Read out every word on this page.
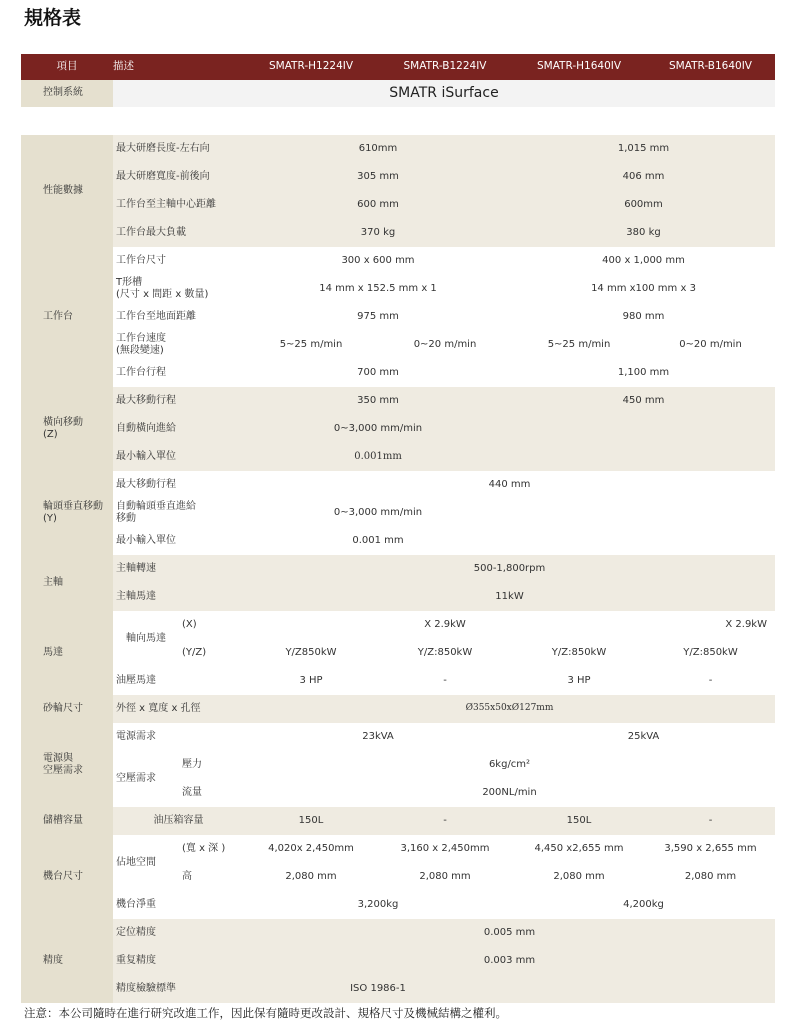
規格表
項目	描述		SMATR-H1224IV	SMATR-B1224IV	SMATR-H1640IV	SMATR-B1640IV
控制系統	SMATR iSurface					

性能數據	最大研磨長度-左右向		610mm		1,015 mm	
	最大研磨寬度-前後向		305 mm		406 mm	
	工作台至主軸中心距離		600 mm		600mm	
	工作台最大負載		370 kg		380 kg	
工作台	工作台尺寸		300 x 600 mm		400 x 1,000 mm	
	T形槽
(尺寸 x 間距 x 數量)		14 mm x 152.5 mm x 1		14 mm x100 mm x 3	
	工作台至地面距離		975 mm		980 mm	
	工作台速度
(無段變速)		5~25 m/min	0~20 m/min	5~25 m/min	0~20 m/min
	工作台行程		700 mm		1,100 mm	
橫向移動
(Z)	最大移動行程		350 mm		450 mm	
	自動橫向進給		0~3,000 mm/min			
	最小輸入單位		0.001mm			
輪頭垂直移動
(Y)	最大移動行程		440 mm			
	自動輪頭垂直進給
移動		0~3,000 mm/min			
	最小輸入單位		0.001 mm			
主軸	主軸轉速		500-1,800rpm			
	主軸馬達		11kW			
馬達	軸向馬達	(X)		X 2.9kW		X 2.9kW
		(Y/Z)	Y/Z850kW	Y/Z:850kW	Y/Z:850kW	Y/Z:850kW
	油壓馬達		3 HP	-	3 HP	-
砂輪尺寸	外徑 x 寬度 x 孔徑		Ø355x50xØ127mm			
電源與
空壓需求	電源需求		23kVA		25kVA	
	空壓需求	壓力	6kg/cm²			
		流量	200NL/min			
儲槽容量	油压箱容量		150L	-	150L	-
機台尺寸	佔地空間	(寬 x 深 )	4,020x 2,450mm	3,160 x 2,450mm	4,450 x2,655 mm	3,590 x 2,655 mm
		高	2,080 mm	2,080 mm	2,080 mm	2,080 mm
	機台淨重		3,200kg		4,200kg	
精度	定位精度		0.005 mm			
	重复精度		0.003 mm			
	精度檢驗標準		ISO 1986-1			
注意：本公司隨時在進行研究改進工作，因此保有隨時更改設計、規格尺寸及機械結構之權利。
